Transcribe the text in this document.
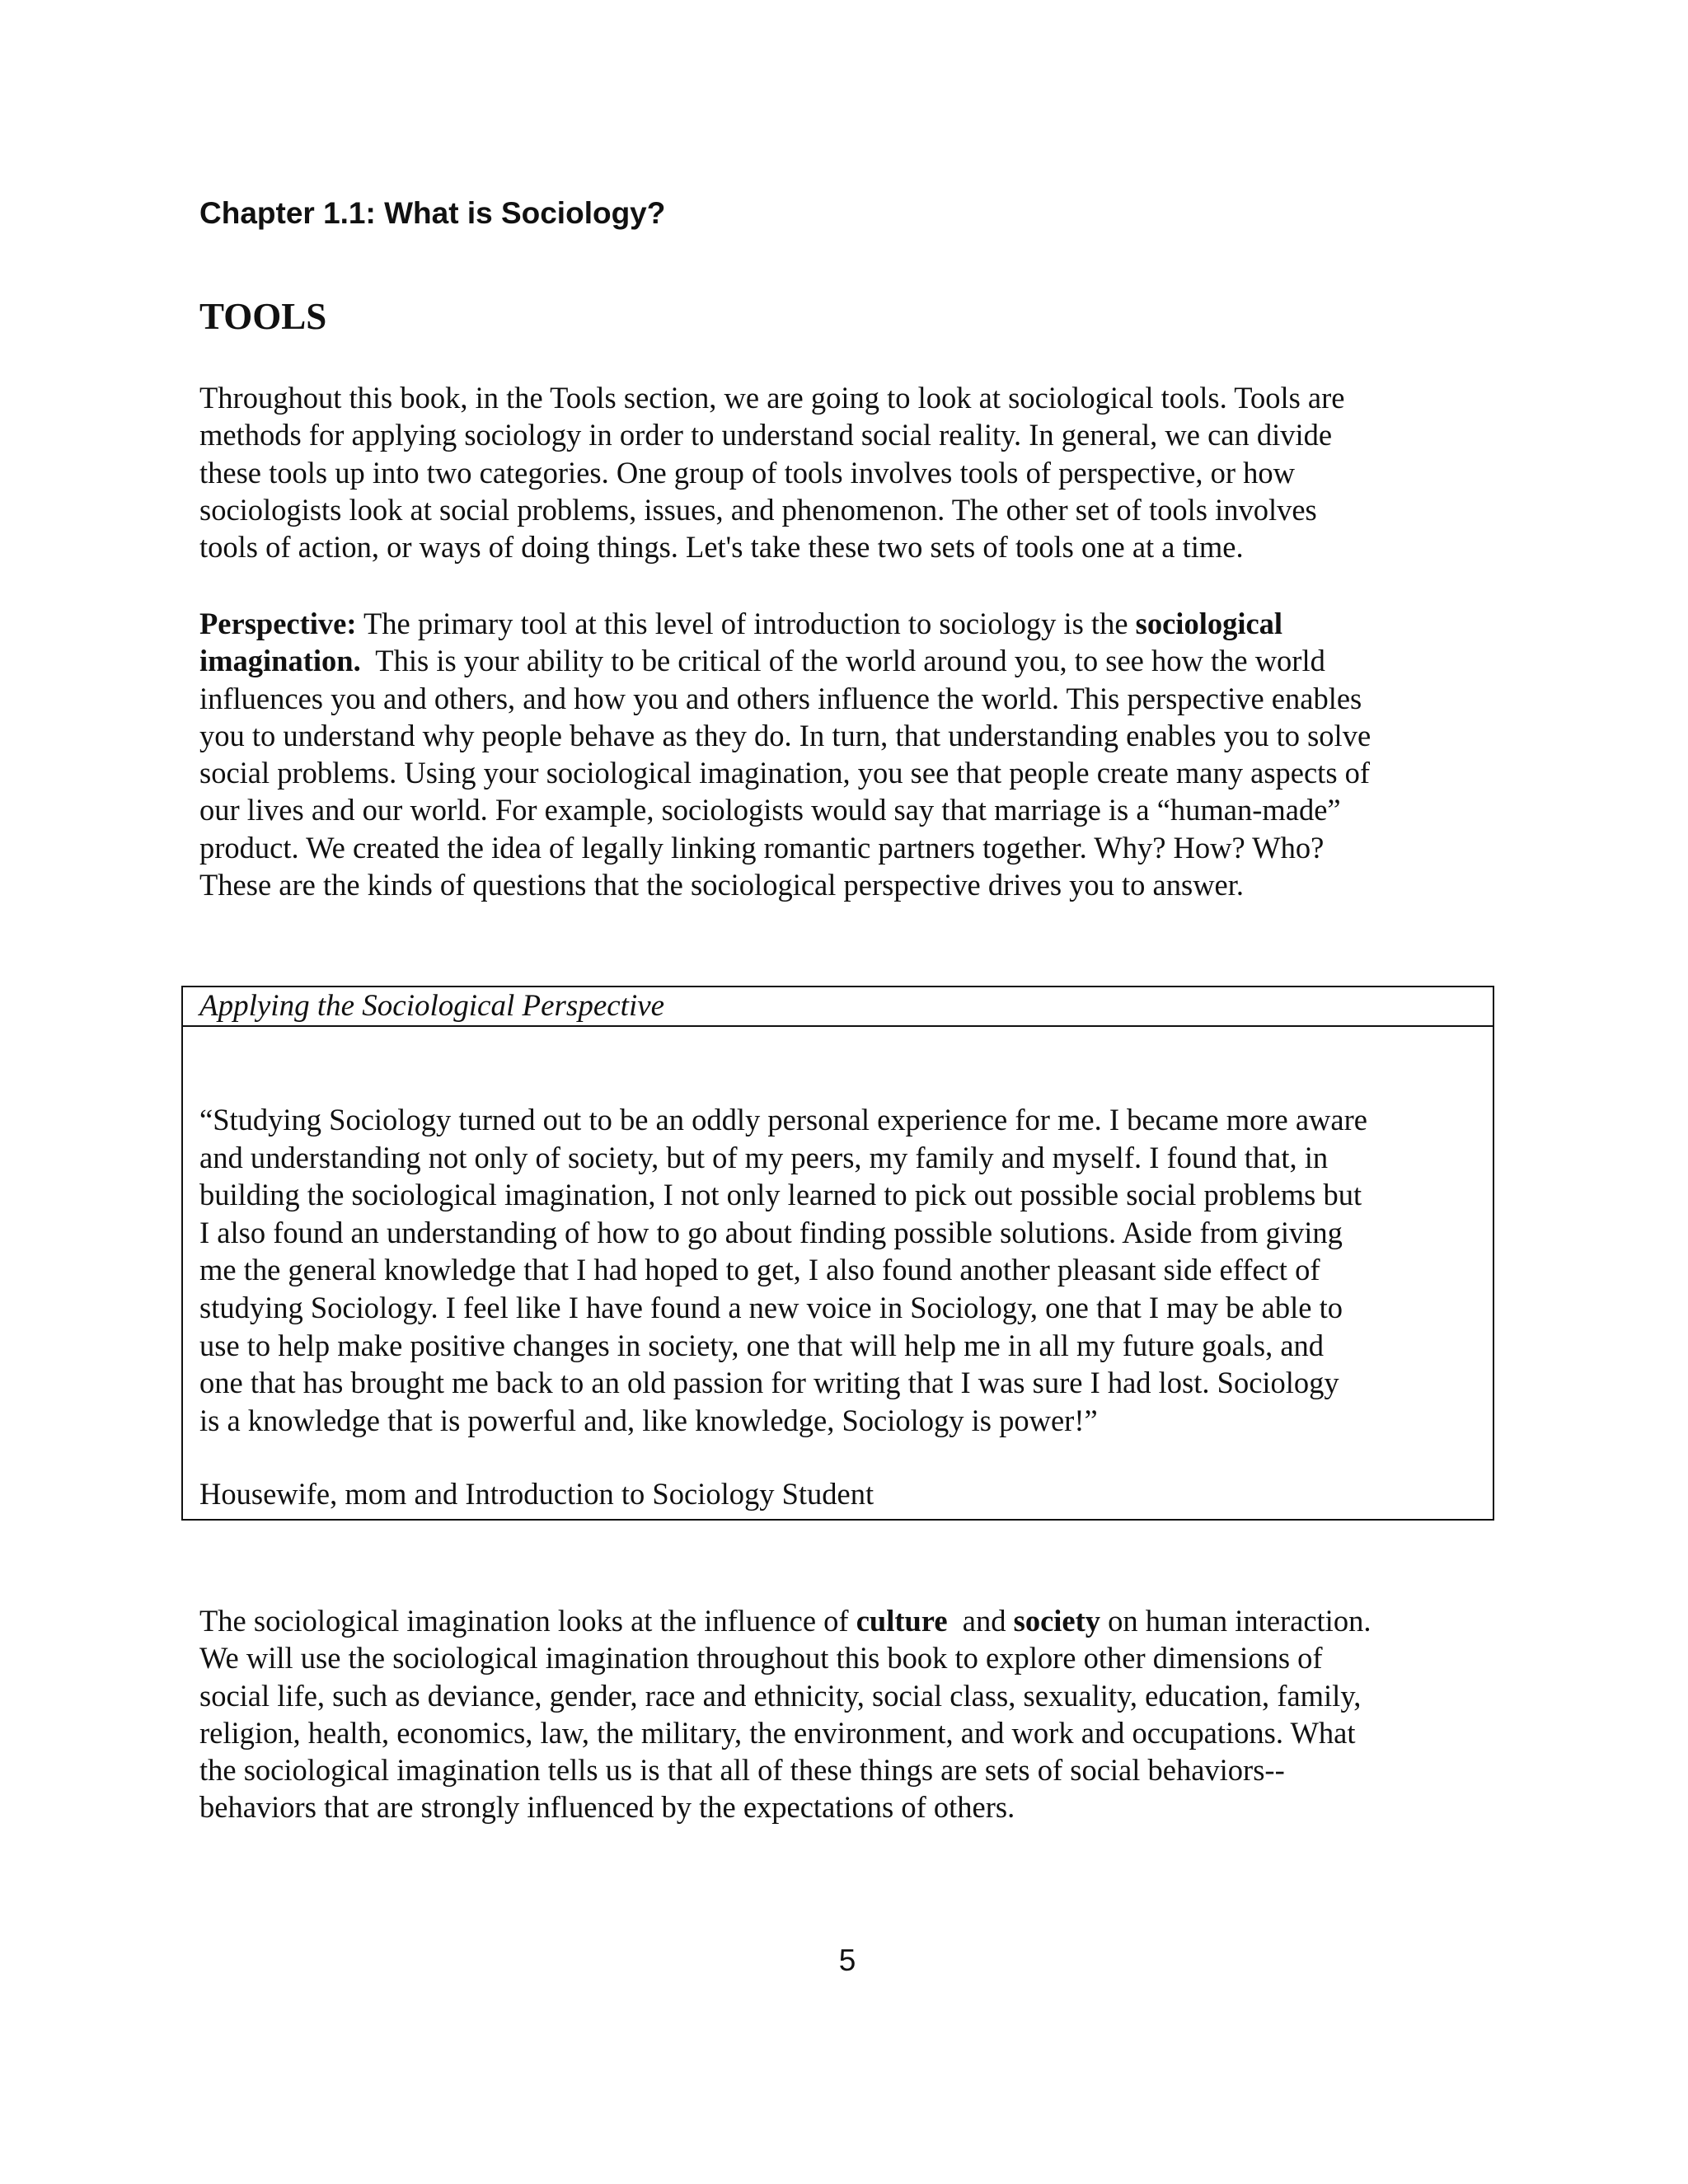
Chapter 1.1: What is Sociology?
TOOLS
Throughout this book, in the Tools section, we are going to look at sociological tools. Tools are
methods for applying sociology in order to understand social reality. In general, we can divide
these tools up into two categories. One group of tools involves tools of perspective, or how
sociologists look at social problems, issues, and phenomenon. The other set of tools involves
tools of action, or ways of doing things. Let's take these two sets of tools one at a time.
Perspective: The primary tool at this level of introduction to sociology is the sociological
imagination.  This is your ability to be critical of the world around you, to see how the world
influences you and others, and how you and others influence the world. This perspective enables
you to understand why people behave as they do. In turn, that understanding enables you to solve
social problems. Using your sociological imagination, you see that people create many aspects of
our lives and our world. For example, sociologists would say that marriage is a “human-made”
product. We created the idea of legally linking romantic partners together. Why? How? Who?
These are the kinds of questions that the sociological perspective drives you to answer.
Applying the Sociological Perspective
“Studying Sociology turned out to be an oddly personal experience for me. I became more aware
and understanding not only of society, but of my peers, my family and myself. I found that, in
building the sociological imagination, I not only learned to pick out possible social problems but
I also found an understanding of how to go about finding possible solutions. Aside from giving
me the general knowledge that I had hoped to get, I also found another pleasant side effect of
studying Sociology. I feel like I have found a new voice in Sociology, one that I may be able to
use to help make positive changes in society, one that will help me in all my future goals, and
one that has brought me back to an old passion for writing that I was sure I had lost. Sociology
is a knowledge that is powerful and, like knowledge, Sociology is power!”
Housewife, mom and Introduction to Sociology Student
The sociological imagination looks at the influence of culture  and society on human interaction.
We will use the sociological imagination throughout this book to explore other dimensions of
social life, such as deviance, gender, race and ethnicity, social class, sexuality, education, family,
religion, health, economics, law, the military, the environment, and work and occupations. What
the sociological imagination tells us is that all of these things are sets of social behaviors--
behaviors that are strongly influenced by the expectations of others.
5
